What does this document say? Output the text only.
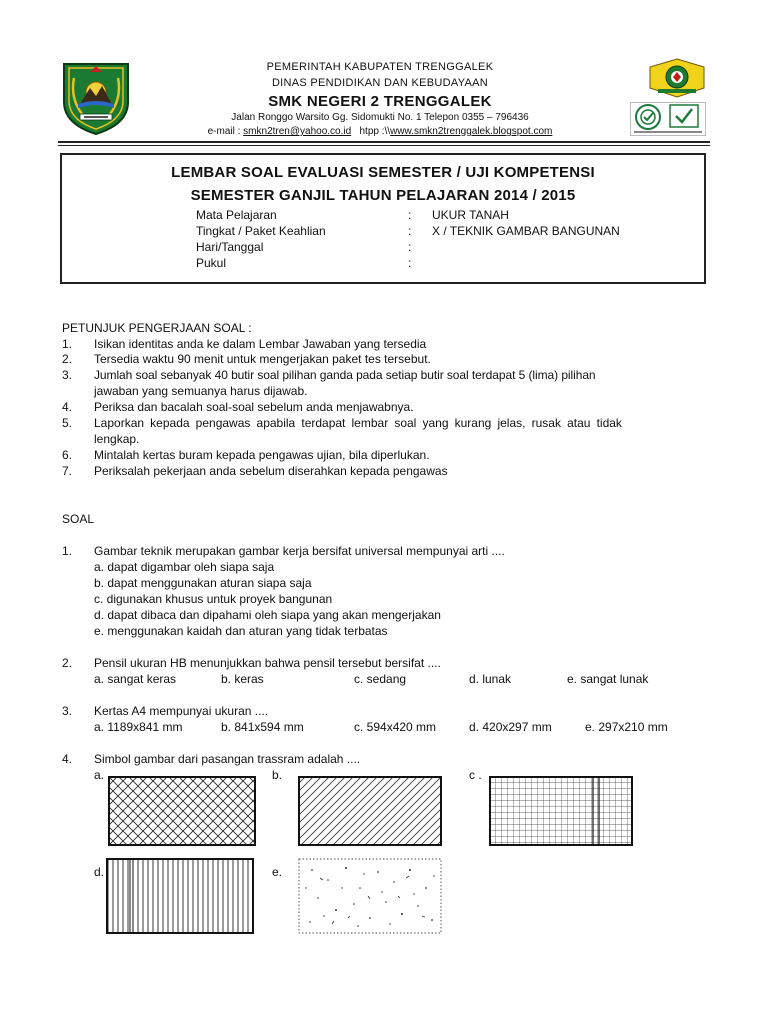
PEMERINTAH KABUPATEN TRENGGALEK
DINAS PENDIDIKAN DAN KEBUDAYAAN
SMK NEGERI 2 TRENGGALEK
Jalan Ronggo Warsito Gg. Sidomukti No. 1 Telepon 0355 – 796436
e-mail : smkn2tren@yahoo.co.id htpp :\\www.smkn2trenggalek.blogspot.com
LEMBAR SOAL EVALUASI SEMESTER / UJI KOMPETENSI
SEMESTER GANJIL TAHUN PELAJARAN 2014 / 2015
Mata Pelajaran	: UKUR TANAH
Tingkat / Paket Keahlian	: X / TEKNIK GAMBAR BANGUNAN
Hari/Tanggal	:
Pukul	:
PETUNJUK PENGERJAAN SOAL :
1. Isikan identitas anda ke dalam Lembar Jawaban yang tersedia
2. Tersedia waktu 90 menit untuk mengerjakan paket tes tersebut.
3. Jumlah soal sebanyak 40 butir soal pilihan ganda pada setiap butir soal terdapat 5 (lima) pilihan
jawaban yang semuanya harus dijawab.
4. Periksa dan bacalah soal-soal sebelum anda menjawabnya.
5. Laporkan kepada pengawas apabila terdapat lembar soal yang kurang jelas, rusak atau tidak
lengkap.
6. Mintalah kertas buram kepada pengawas ujian, bila diperlukan.
7. Periksalah pekerjaan anda sebelum diserahkan kepada pengawas
SOAL
1. Gambar teknik merupakan gambar kerja bersifat universal mempunyai arti ....
a. dapat digambar oleh siapa saja
b. dapat menggunakan aturan siapa saja
c. digunakan khusus untuk proyek bangunan
d. dapat dibaca dan dipahami oleh siapa yang akan mengerjakan
e. menggunakan kaidah dan aturan yang tidak terbatas
2. Pensil ukuran HB menunjukkan bahwa pensil tersebut bersifat ....
a. sangat keras	b. keras	c. sedang	d. lunak	e. sangat lunak
3. Kertas A4 mempunyai ukuran ....
a. 1189x841 mm	b. 841x594 mm	c. 594x420 mm	d. 420x297 mm	e. 297x210 mm
4. Simbol gambar dari pasangan trassram adalah ....
a.	b.	c .
d.	e.
